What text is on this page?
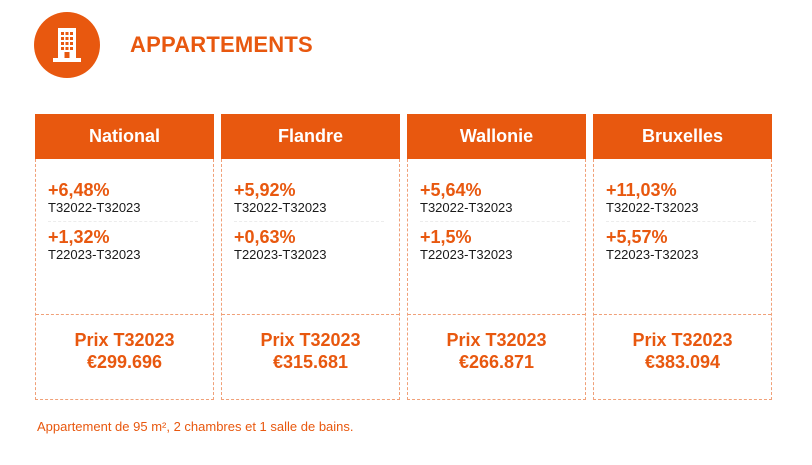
APPARTEMENTS
National
+6,48%
T32022-T32023
+1,32%
T22023-T32023
Prix T32023
€299.696
Flandre
+5,92%
T32022-T32023
+0,63%
T22023-T32023
Prix T32023
€315.681
Wallonie
+5,64%
T32022-T32023
+1,5%
T22023-T32023
Prix T32023
€266.871
Bruxelles
+11,03%
T32022-T32023
+5,57%
T22023-T32023
Prix T32023
€383.094
Appartement de 95 m², 2 chambres et 1 salle de bains.
